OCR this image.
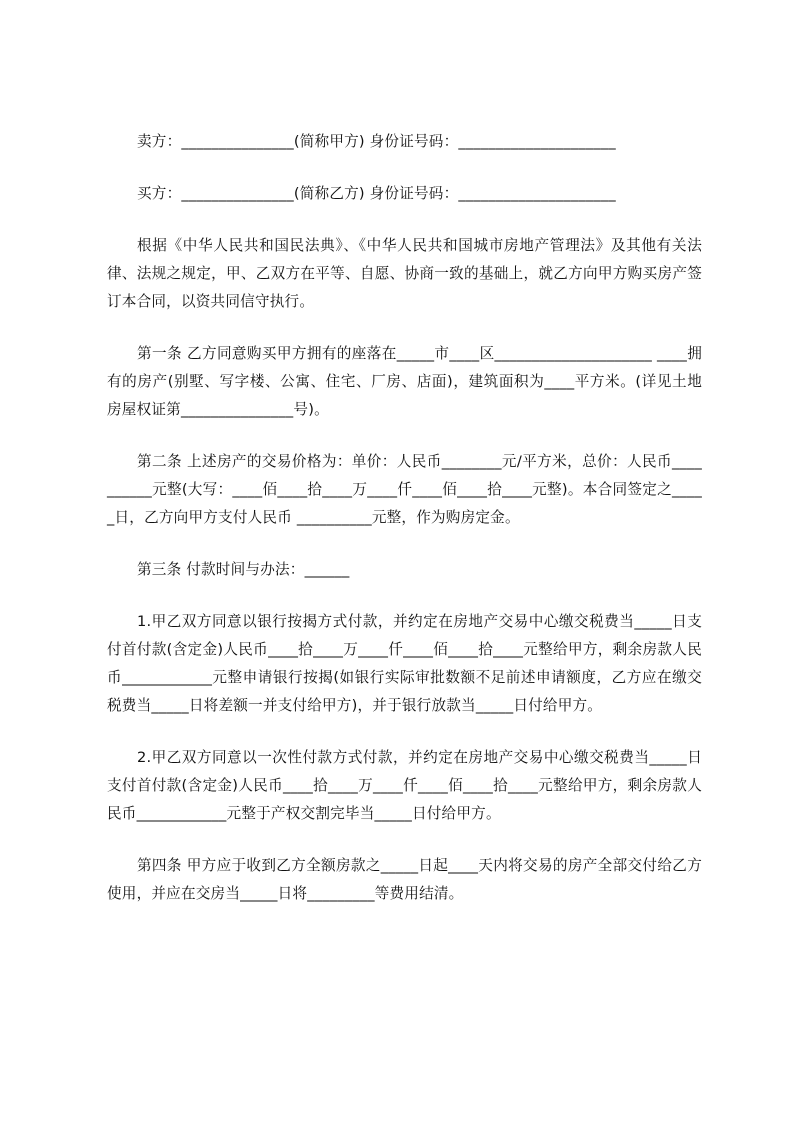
卖方：_______________(简称甲方) 身份证号码：_____________________

买方：_______________(简称乙方) 身份证号码：_____________________

根据《中华人民共和国民法典》、《中华人民共和国城市房地产管理法》及其他有关法律、法规之规定，甲、乙双方在平等、自愿、协商一致的基础上，就乙方向甲方购买房产签订本合同，以资共同信守执行。

第一条 乙方同意购买甲方拥有的座落在_____市____区_____________________ ____拥有的房产(别墅、写字楼、公寓、住宅、厂房、店面)，建筑面积为____平方米。(详见土地房屋权证第_______________号)。

第二条 上述房产的交易价格为：单价：人民币________元/平方米，总价：人民币__________元整(大写：____佰____拾____万____仟____佰____拾____元整)。本合同签定之_____日，乙方向甲方支付人民币 __________元整，作为购房定金。

第三条 付款时间与办法：______

1.甲乙双方同意以银行按揭方式付款，并约定在房地产交易中心缴交税费当_____日支付首付款(含定金)人民币____拾____万____仟____佰____拾____元整给甲方，剩余房款人民币____________元整申请银行按揭(如银行实际审批数额不足前述申请额度，乙方应在缴交税费当_____日将差额一并支付给甲方)，并于银行放款当_____日付给甲方。

2.甲乙双方同意以一次性付款方式付款，并约定在房地产交易中心缴交税费当_____日支付首付款(含定金)人民币____拾____万____仟____佰____拾____元整给甲方，剩余房款人民币____________元整于产权交割完毕当_____日付给甲方。

第四条 甲方应于收到乙方全额房款之_____日起____天内将交易的房产全部交付给乙方使用，并应在交房当_____日将_________等费用结清。
